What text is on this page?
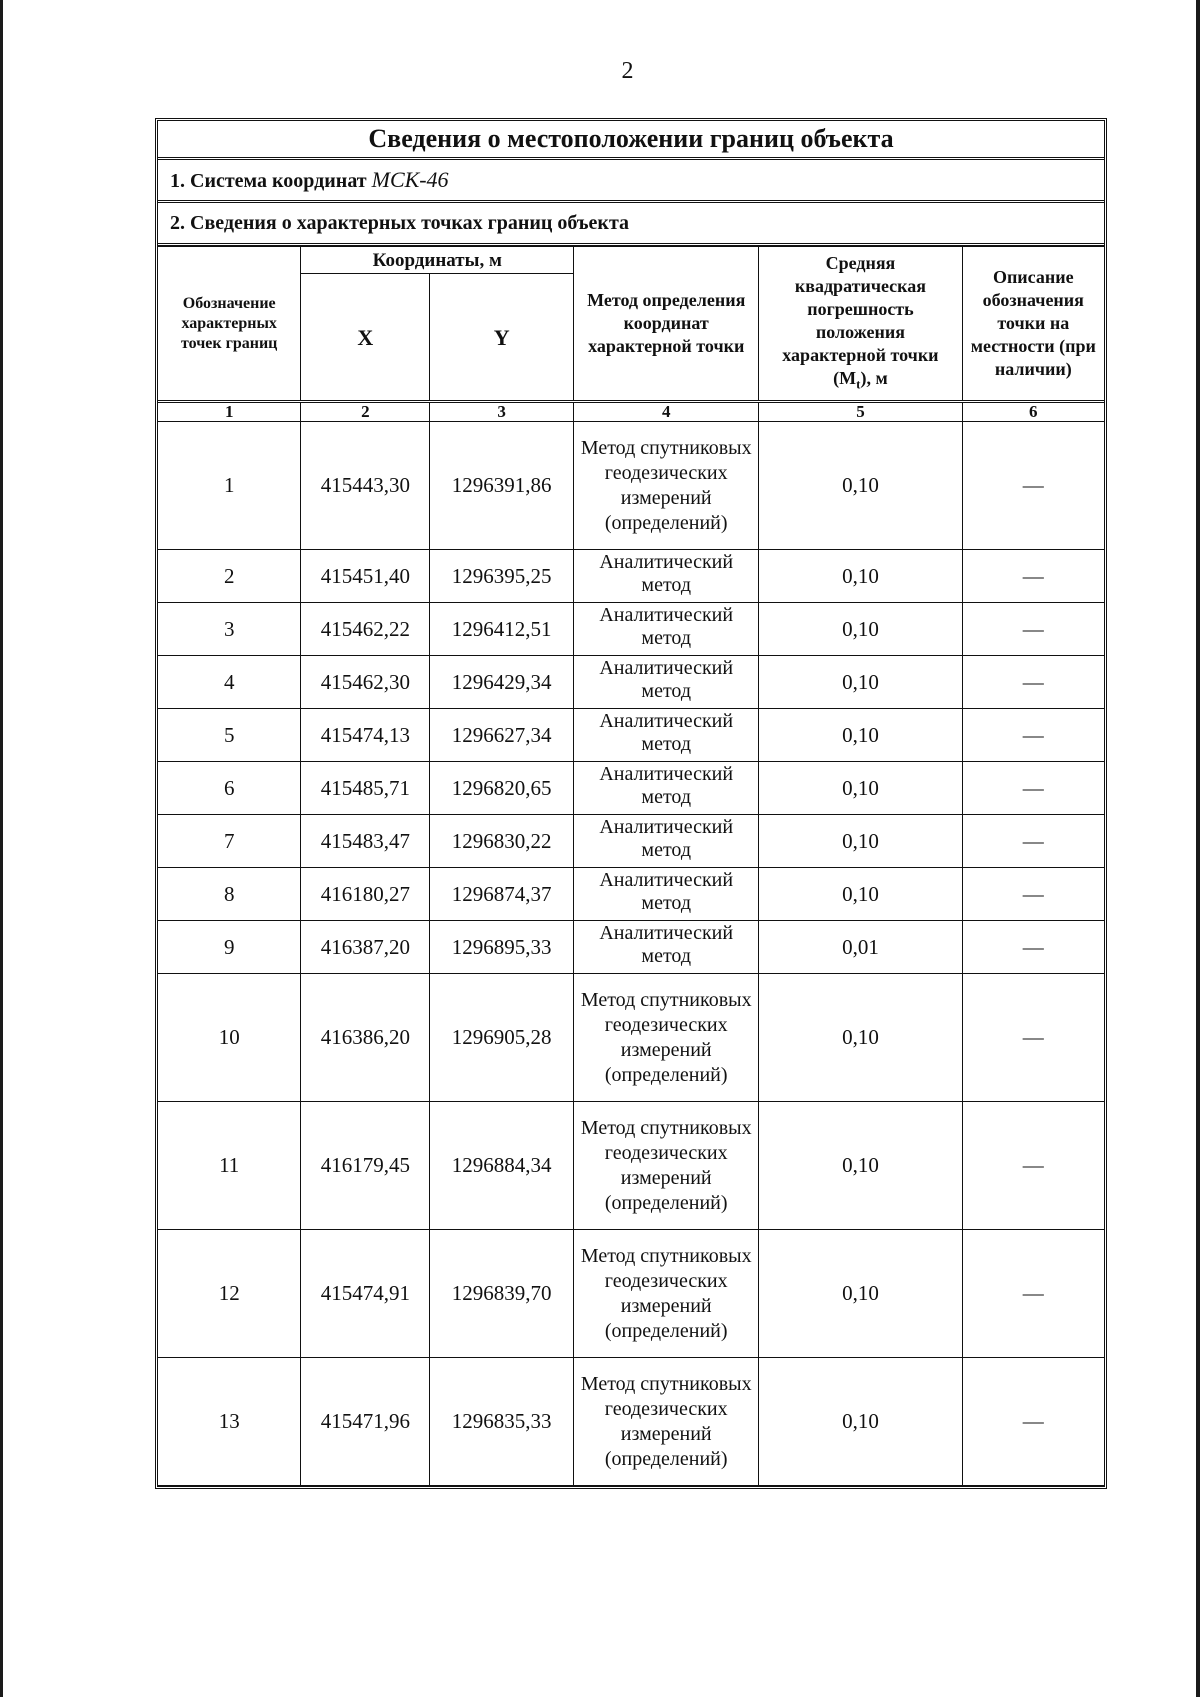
2
Сведения о местоположении границ объекта
1. Система координат МСК-46
2. Сведения о характерных точках границ объекта
Обозначение характерных точек границ	Координаты, м		Метод определения координат характерной точки	Средняя квадратическая погрешность положения характерной точки $(M_t)$, м	Описание обозначения точки на местности (при наличии)
	X	Y			
1	2	3	4	5	6
1	415443,30	1296391,86	Метод спутниковых геодезических измерений (определений)	0,10	—
2	415451,40	1296395,25	Аналитический метод	0,10	—
3	415462,22	1296412,51	Аналитический метод	0,10	—
4	415462,30	1296429,34	Аналитический метод	0,10	—
5	415474,13	1296627,34	Аналитический метод	0,10	—
6	415485,71	1296820,65	Аналитический метод	0,10	—
7	415483,47	1296830,22	Аналитический метод	0,10	—
8	416180,27	1296874,37	Аналитический метод	0,10	—
9	416387,20	1296895,33	Аналитический метод	0,01	—
10	416386,20	1296905,28	Метод спутниковых геодезических измерений (определений)	0,10	—
11	416179,45	1296884,34	Метод спутниковых геодезических измерений (определений)	0,10	—
12	415474,91	1296839,70	Метод спутниковых геодезических измерений (определений)	0,10	—
13	415471,96	1296835,33	Метод спутниковых геодезических измерений (определений)	0,10	—
